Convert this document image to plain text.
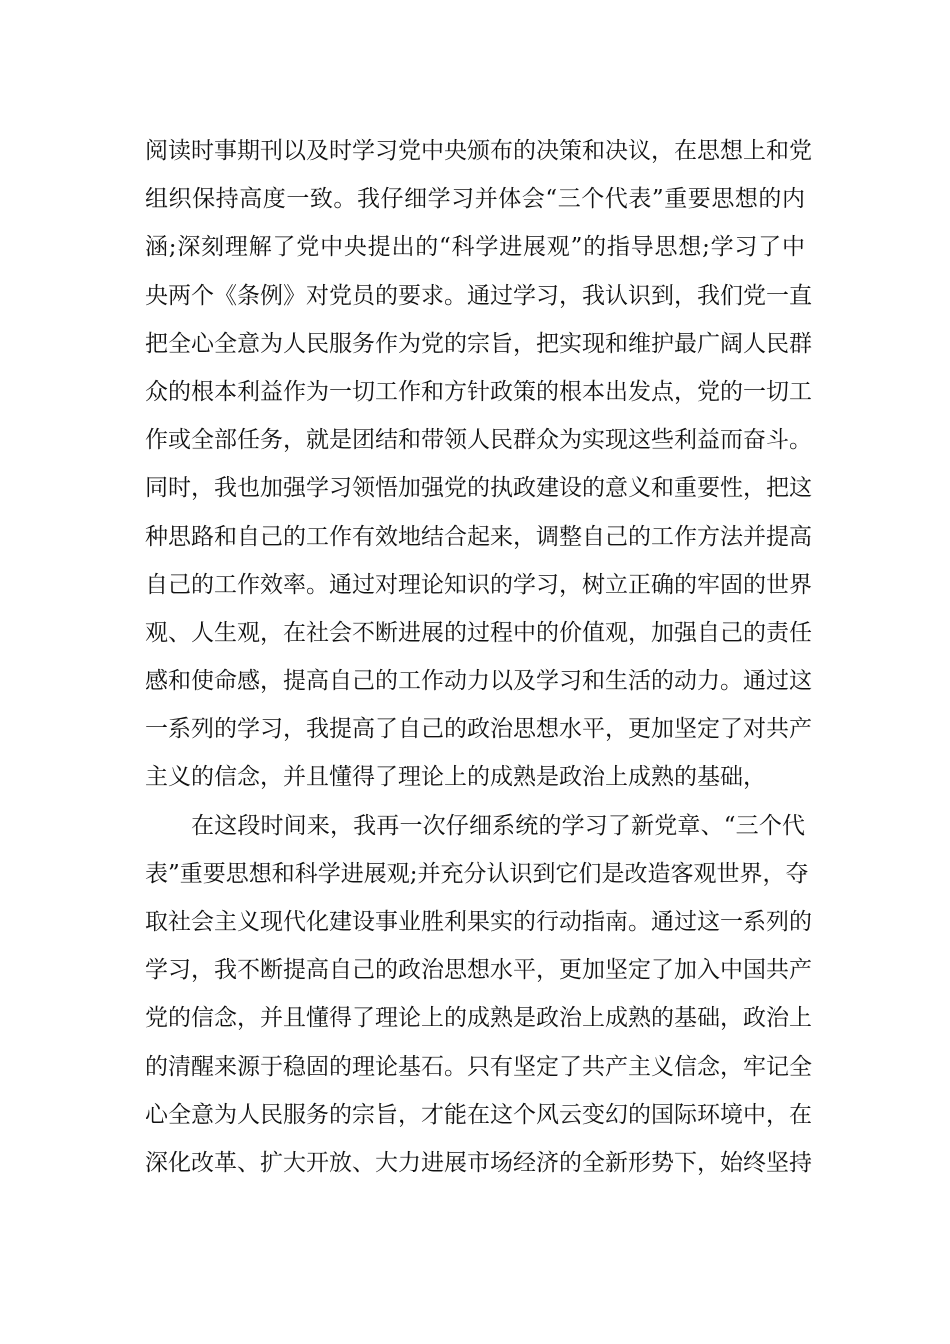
阅读时事期刊以及时学习党中央颁布的决策和决议，在思想上和党
组织保持高度一致。我仔细学习并体会“三个代表”重要思想的内
涵;深刻理解了党中央提出的“科学进展观”的指导思想;学习了中
央两个《条例》对党员的要求。通过学习，我认识到，我们党一直
把全心全意为人民服务作为党的宗旨，把实现和维护最广阔人民群
众的根本利益作为一切工作和方针政策的根本出发点，党的一切工
作或全部任务，就是团结和带领人民群众为实现这些利益而奋斗。
同时，我也加强学习领悟加强党的执政建设的意义和重要性，把这
种思路和自己的工作有效地结合起来，调整自己的工作方法并提高
自己的工作效率。通过对理论知识的学习，树立正确的牢固的世界
观、人生观，在社会不断进展的过程中的价值观，加强自己的责任
感和使命感，提高自己的工作动力以及学习和生活的动力。通过这
一系列的学习，我提高了自己的政治思想水平，更加坚定了对共产
主义的信念，并且懂得了理论上的成熟是政治上成熟的基础，
在这段时间来，我再一次仔细系统的学习了新党章、“三个代
表”重要思想和科学进展观;并充分认识到它们是改造客观世界，夺
取社会主义现代化建设事业胜利果实的行动指南。通过这一系列的
学习，我不断提高自己的政治思想水平，更加坚定了加入中国共产
党的信念，并且懂得了理论上的成熟是政治上成熟的基础，政治上
的清醒来源于稳固的理论基石。只有坚定了共产主义信念，牢记全
心全意为人民服务的宗旨，才能在这个风云变幻的国际环境中，在
深化改革、扩大开放、大力进展市场经济的全新形势下，始终坚持
